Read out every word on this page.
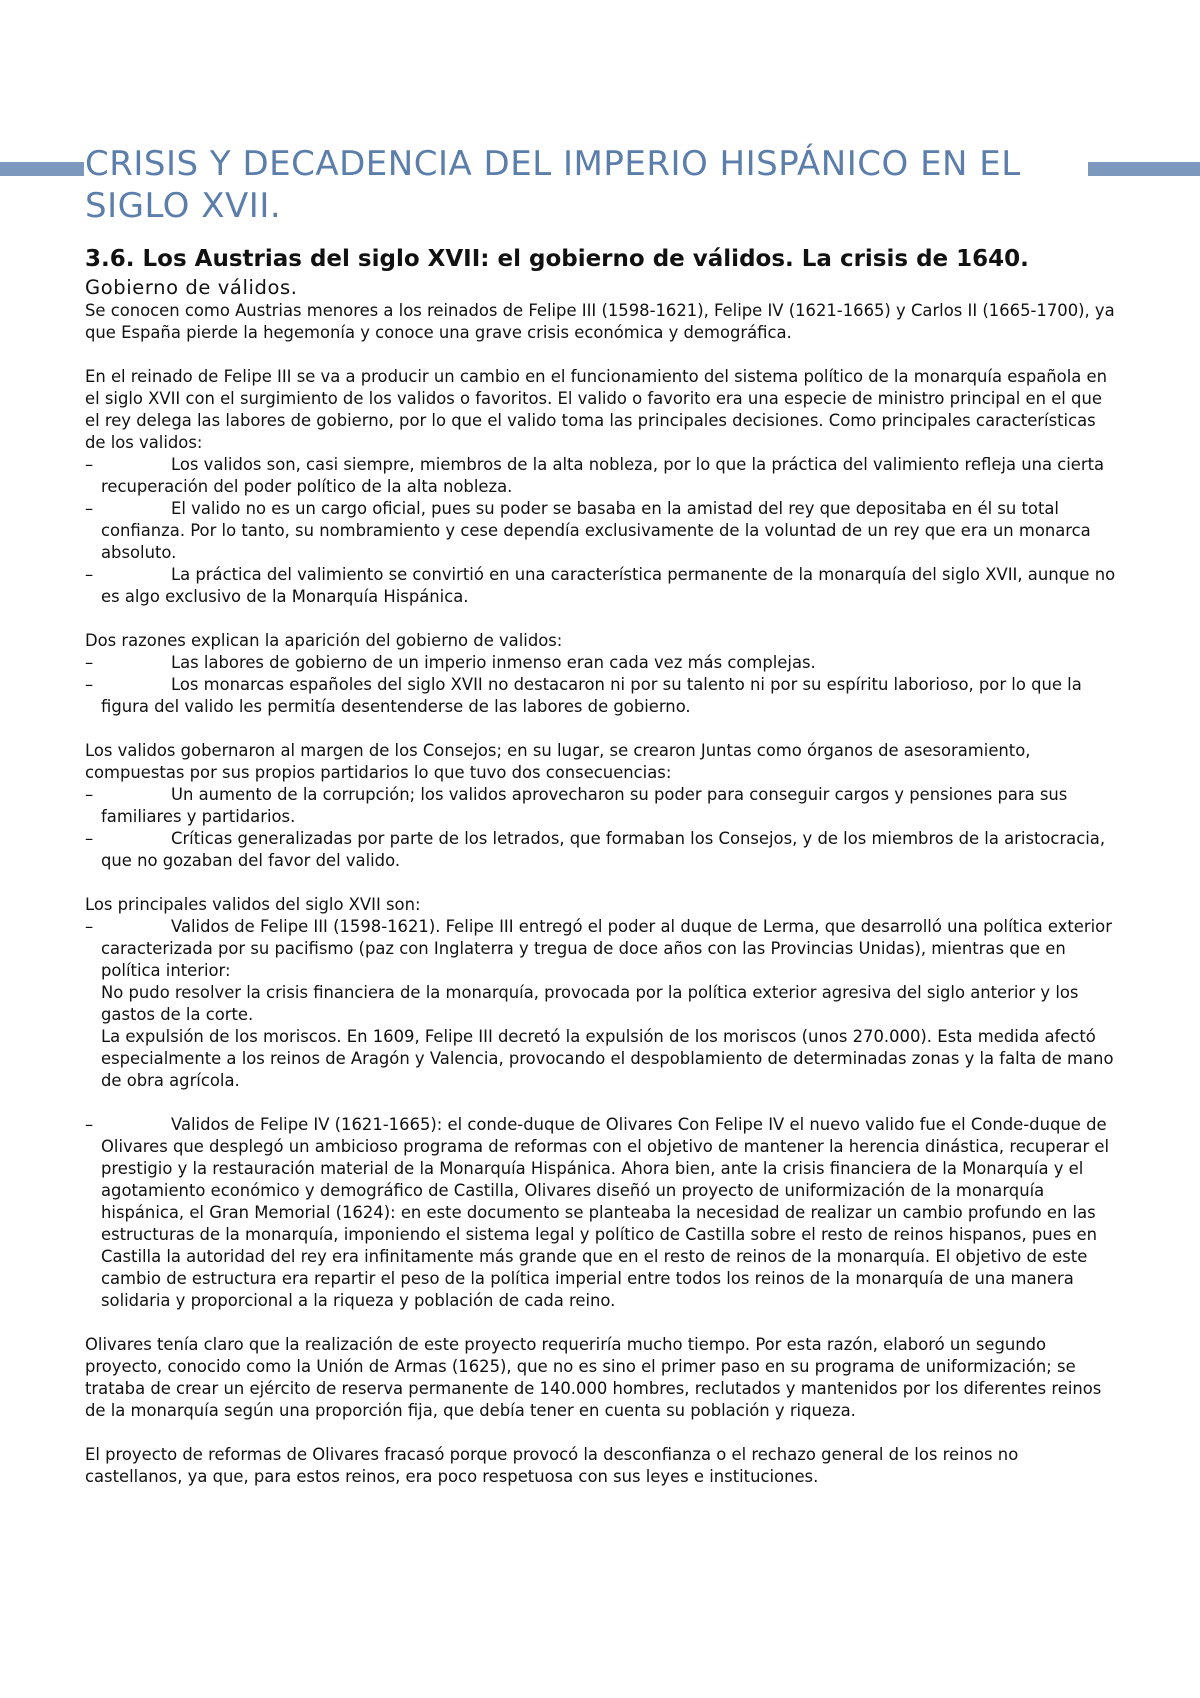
CRISIS Y DECADENCIA DEL IMPERIO HISPÁNICO EN EL
SIGLO XVII.
3.6. Los Austrias del siglo XVII: el gobierno de válidos. La crisis de 1640.
Gobierno de válidos.

Se conocen como Austrias menores a los reinados de Felipe III (1598-1621), Felipe IV (1621-1665) y Carlos II (1665-1700), ya que España pierde la hegemonía y conoce una grave crisis económica y demográfica.

En el reinado de Felipe III se va a producir un cambio en el funcionamiento del sistema político de la monarquía española en el siglo XVII con el surgimiento de los validos o favoritos. El valido o favorito era una especie de ministro principal en el que el rey delega las labores de gobierno, por lo que el valido toma las principales decisiones. Como principales características de los validos:

–	Los validos son, casi siempre, miembros de la alta nobleza, por lo que la práctica del valimiento refleja una cierta recuperación del poder político de la alta nobleza.
–	El valido no es un cargo oficial, pues su poder se basaba en la amistad del rey que depositaba en él su total confianza. Por lo tanto, su nombramiento y cese dependía exclusivamente de la voluntad de un rey que era un monarca absoluto.
–	La práctica del valimiento se convirtió en una característica permanente de la monarquía del siglo XVII, aunque no es algo exclusivo de la Monarquía Hispánica.

Dos razones explican la aparición del gobierno de validos:

–	Las labores de gobierno de un imperio inmenso eran cada vez más complejas.
–	Los monarcas españoles del siglo XVII no destacaron ni por su talento ni por su espíritu laborioso, por lo que la figura del valido les permitía desentenderse de las labores de gobierno.

Los validos gobernaron al margen de los Consejos; en su lugar, se crearon Juntas como órganos de asesoramiento, compuestas por sus propios partidarios lo que tuvo dos consecuencias:

–	Un aumento de la corrupción; los validos aprovecharon su poder para conseguir cargos y pensiones para sus familiares y partidarios.
–	Críticas generalizadas por parte de los letrados, que formaban los Consejos, y de los miembros de la aristocracia, que no gozaban del favor del valido.

Los principales validos del siglo XVII son:

–	Validos de Felipe III (1598-1621). Felipe III entregó el poder al duque de Lerma, que desarrolló una política exterior caracterizada por su pacifismo (paz con Inglaterra y tregua de doce años con las Provincias Unidas), mientras que en política interior:

No pudo resolver la crisis financiera de la monarquía, provocada por la política exterior agresiva del siglo anterior y los gastos de la corte.

La expulsión de los moriscos. En 1609, Felipe III decretó la expulsión de los moriscos (unos 270.000). Esta medida afectó especialmente a los reinos de Aragón y Valencia, provocando el despoblamiento de determinadas zonas y la falta de mano de obra agrícola.

–	Validos de Felipe IV (1621-1665): el conde-duque de Olivares Con Felipe IV el nuevo valido fue el Conde-duque de Olivares que desplegó un ambicioso programa de reformas con el objetivo de mantener la herencia dinástica, recuperar el prestigio y la restauración material de la Monarquía Hispánica. Ahora bien, ante la crisis financiera de la Monarquía y el agotamiento económico y demográfico de Castilla, Olivares diseñó un proyecto de uniformización de la monarquía hispánica, el Gran Memorial (1624): en este documento se planteaba la necesidad de realizar un cambio profundo en las estructuras de la monarquía, imponiendo el sistema legal y político de Castilla sobre el resto de reinos hispanos, pues en Castilla la autoridad del rey era infinitamente más grande que en el resto de reinos de la monarquía. El objetivo de este cambio de estructura era repartir el peso de la política imperial entre todos los reinos de la monarquía de una manera solidaria y proporcional a la riqueza y población de cada reino.

Olivares tenía claro que la realización de este proyecto requeriría mucho tiempo. Por esta razón, elaboró un segundo proyecto, conocido como la Unión de Armas (1625), que no es sino el primer paso en su programa de uniformización; se trataba de crear un ejército de reserva permanente de 140.000 hombres, reclutados y mantenidos por los diferentes reinos de la monarquía según una proporción fija, que debía tener en cuenta su población y riqueza.

El proyecto de reformas de Olivares fracasó porque provocó la desconfianza o el rechazo general de los reinos no castellanos, ya que, para estos reinos, era poco respetuosa con sus leyes e instituciones.
